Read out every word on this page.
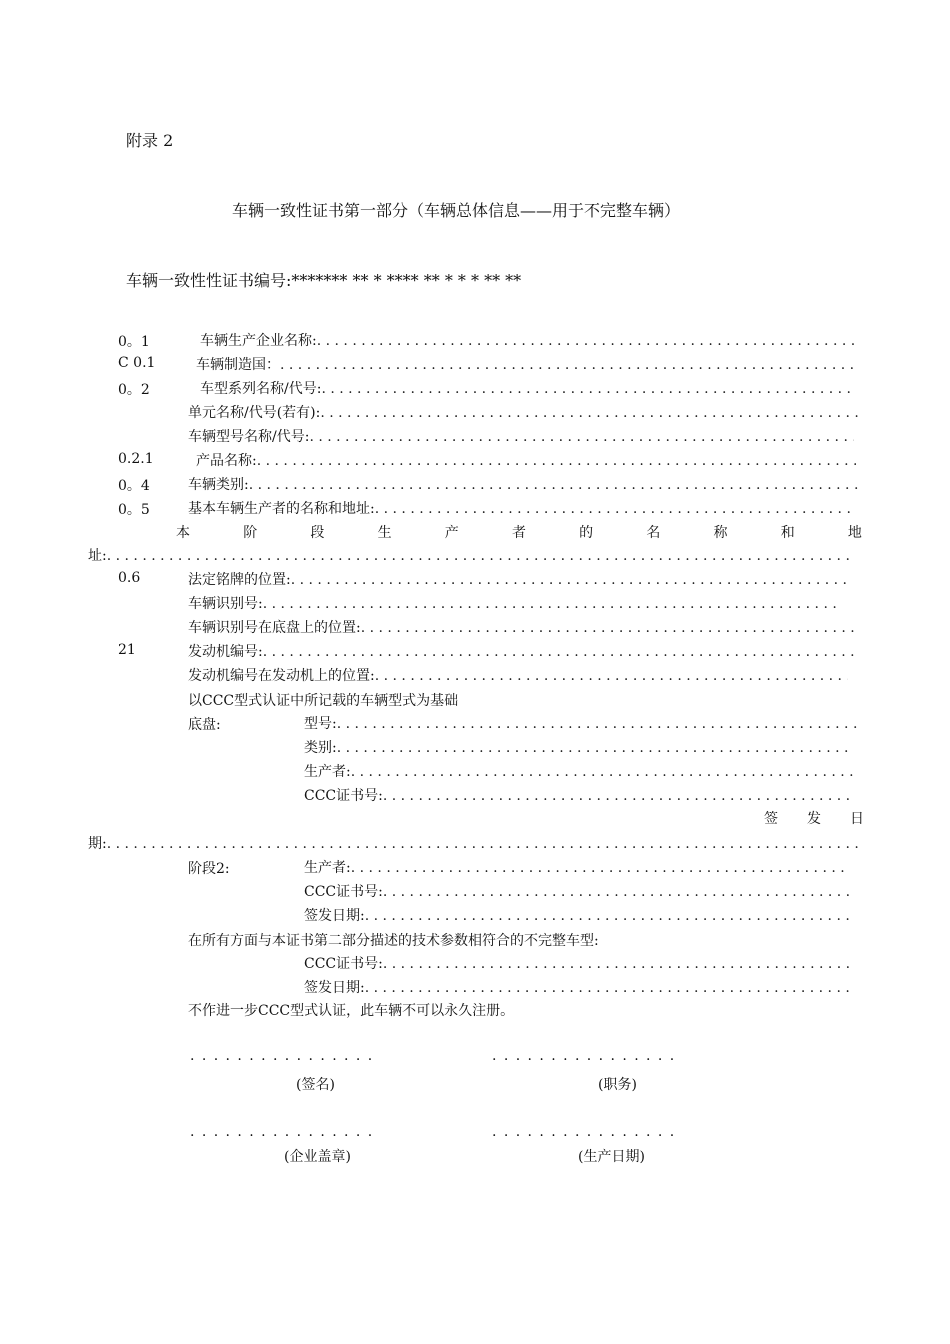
附录 2
车辆一致性证书第一部分（车辆总体信息——用于不完整车辆）
车辆一致性性证书编号:******* ** * **** ** * * * ** **
0。1	车辆生产企业名称:
. . .
C 0.1	车辆制造国：
. . .
0。2	车型系列名称/代号:
. . .
单元名称/代号(若有):
. . .
车辆型号名称/代号:
. . .
0.2.1	产品名称:
. . .
0。4	车辆类别:
. . .
0。5	基本车辆生产者的名称和地址:
. . .
本	阶	段	生	产	者	的	名	称	和	地
址:
. . .
0.6	法定铭牌的位置:
. . .
车辆识别号:
. . .
车辆识别号在底盘上的位置:
. . .
21	发动机编号:
. . .
发动机编号在发动机上的位置:
. . .
以CCC型式认证中所记载的车辆型式为基础
底盘:	型号:
. . .
类别:
. . .
生产者:
. . .
CCC证书号:
. . .
签 发 日
期:
. . .
阶段2:	生产者:
. . .
CCC证书号:
. . .
签发日期:
. . .
在所有方面与本证书第二部分描述的技术参数相符合的不完整车型:
CCC证书号:
. . .
签发日期:
. . .
不作进一步CCC型式认证，此车辆不可以永久注册。
................	................
(签名)	(职务)
................	................
(企业盖章)	(生产日期)
